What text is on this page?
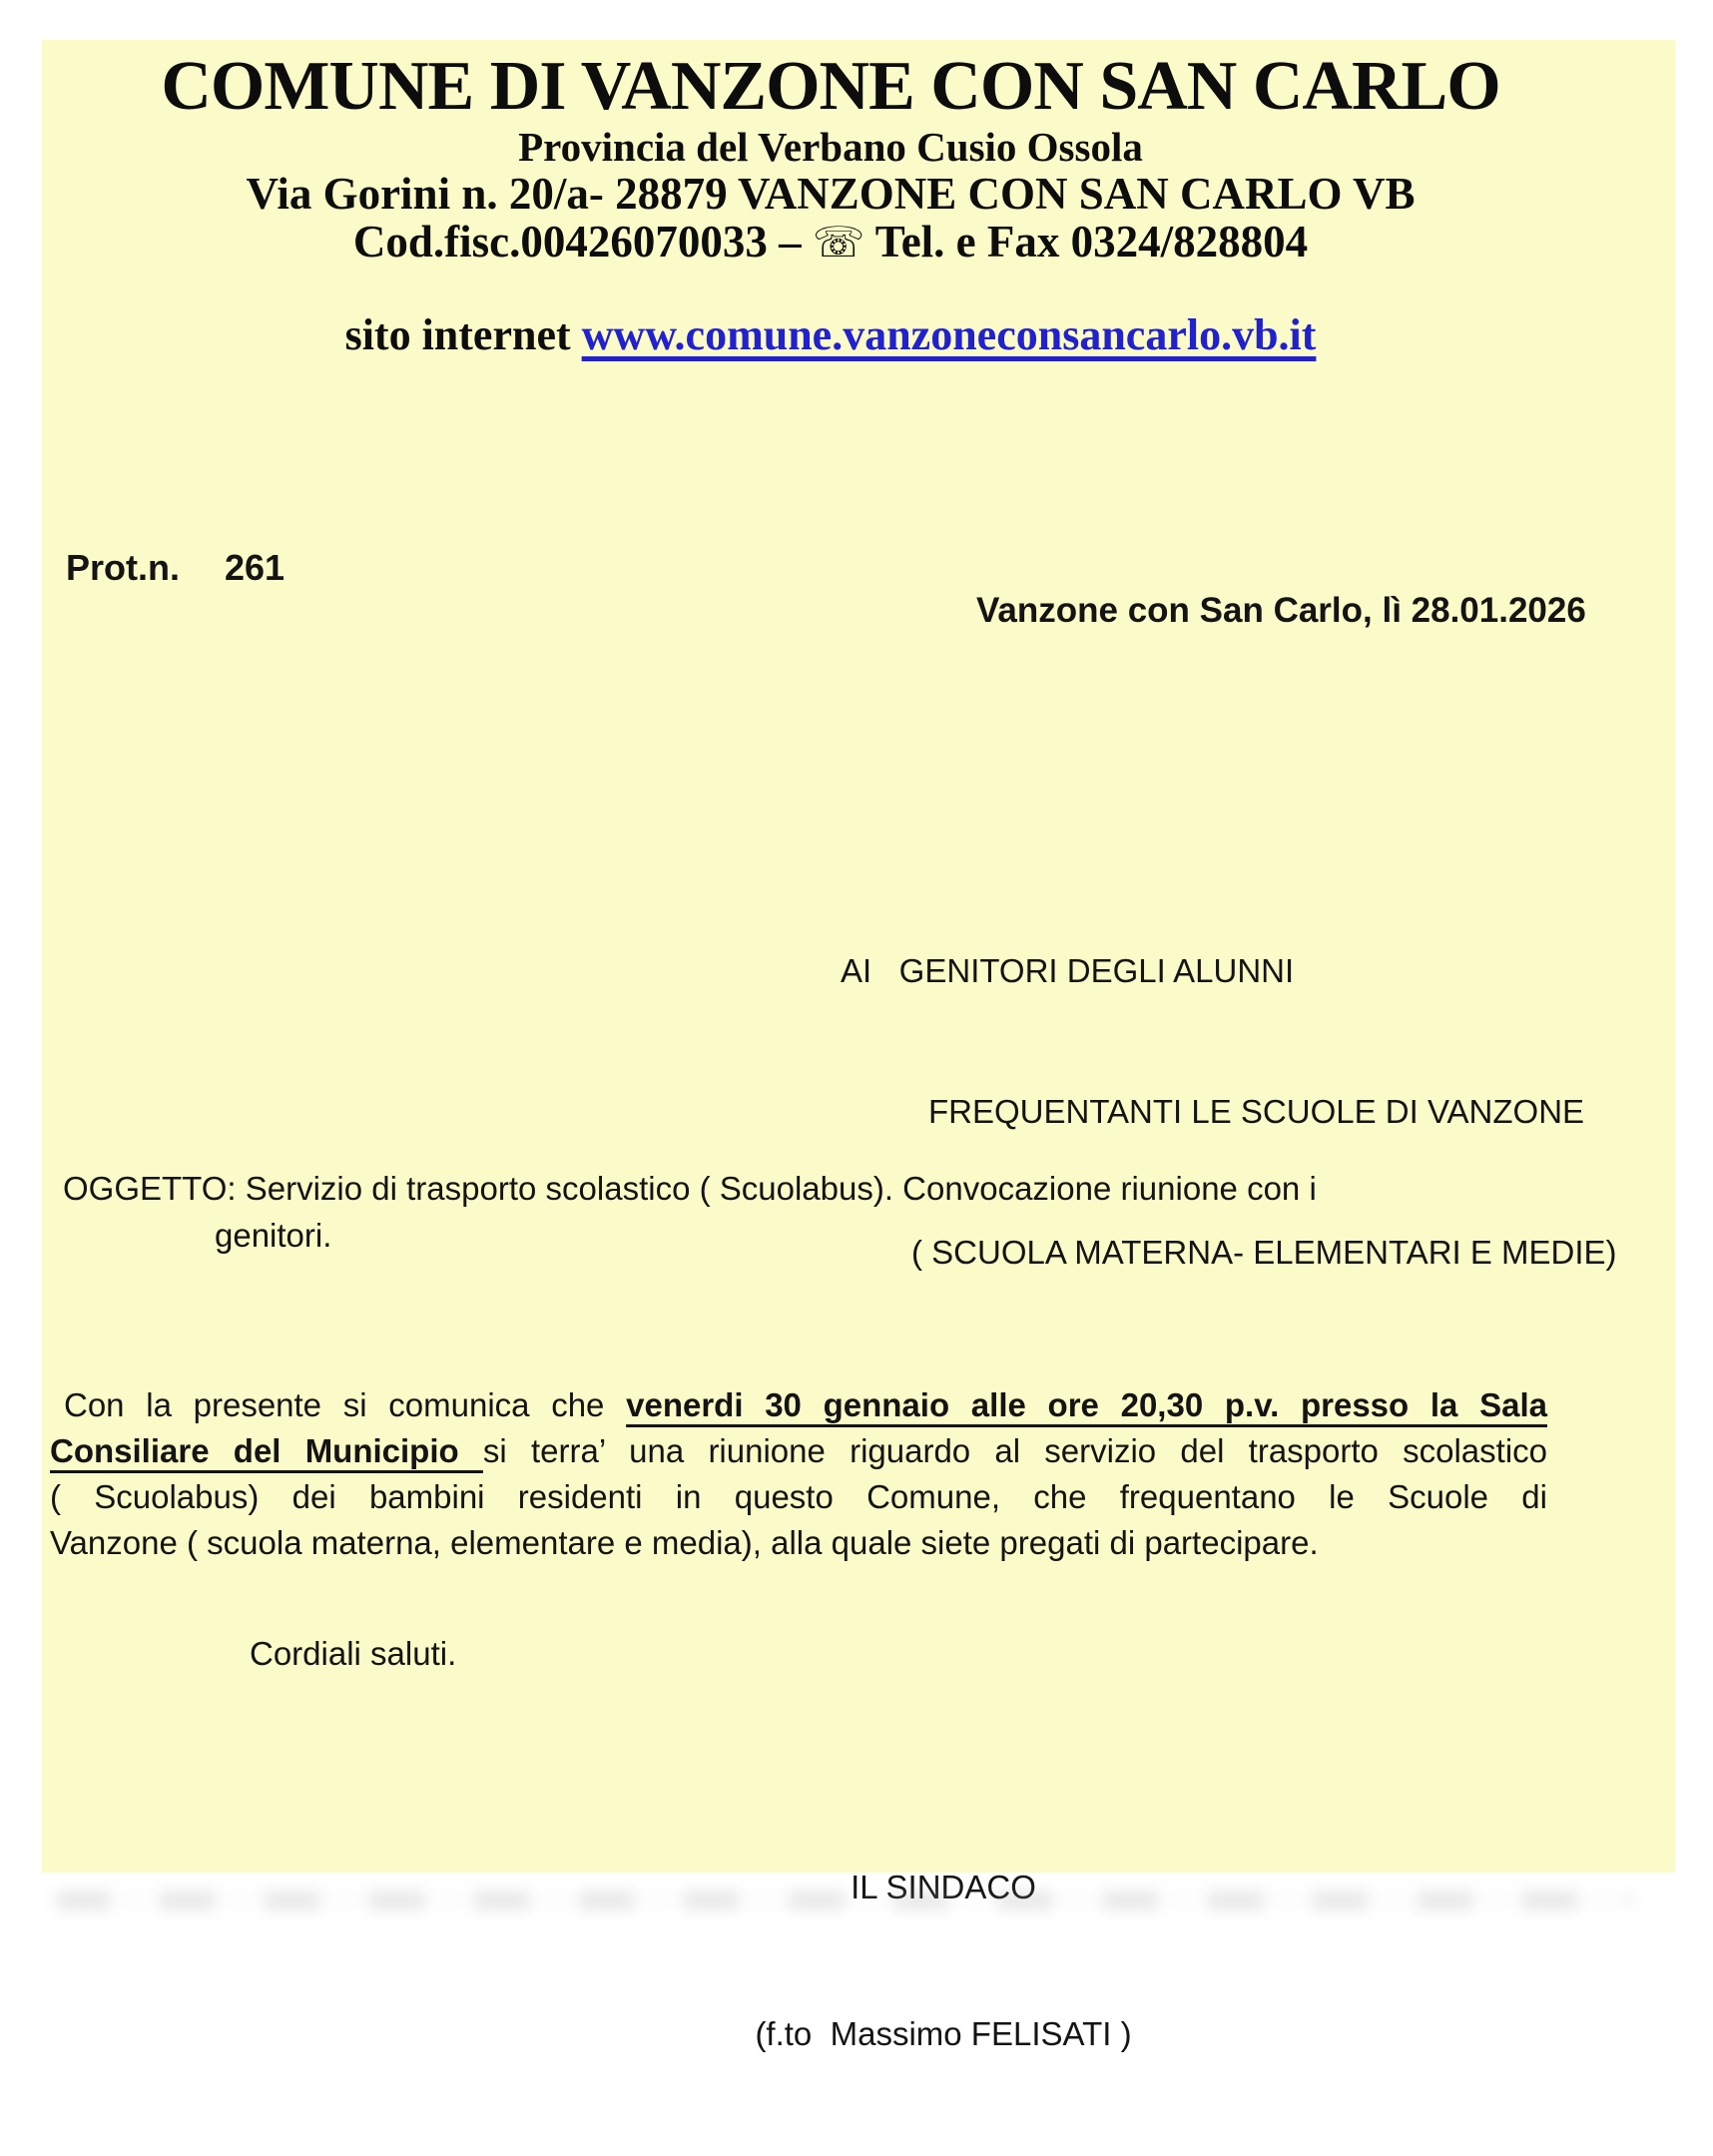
COMUNE DI VANZONE CON SAN CARLO
Provincia del Verbano Cusio Ossola
Via Gorini n. 20/a- 28879 VANZONE CON SAN CARLO VB
Cod.fisc.00426070033 – ☏ Tel. e Fax 0324/828804
sito internet www.comune.vanzoneconsancarlo.vb.it
Prot.n. 261
Vanzone con San Carlo, lì 28.01.2026

AI   GENITORI DEGLI ALUNNI

FREQUENTANTI LE SCUOLE DI VANZONE

( SCUOLA MATERNA- ELEMENTARI E MEDIE)

OGGETTO: Servizio di trasporto scolastico ( Scuolabus). Convocazione riunione con i
genitori.
Con la presente si comunica che venerdi 30 gennaio alle ore 20,30 p.v. presso la Sala
Consiliare del Municipio si terra’ una riunione riguardo al servizio del trasporto scolastico
( Scuolabus) dei bambini residenti in questo Comune, che frequentano le Scuole di
Vanzone ( scuola materna, elementare e media), alla quale siete pregati di partecipare.
Cordiali saluti.

IL SINDACO

(f.to  Massimo FELISATI )
